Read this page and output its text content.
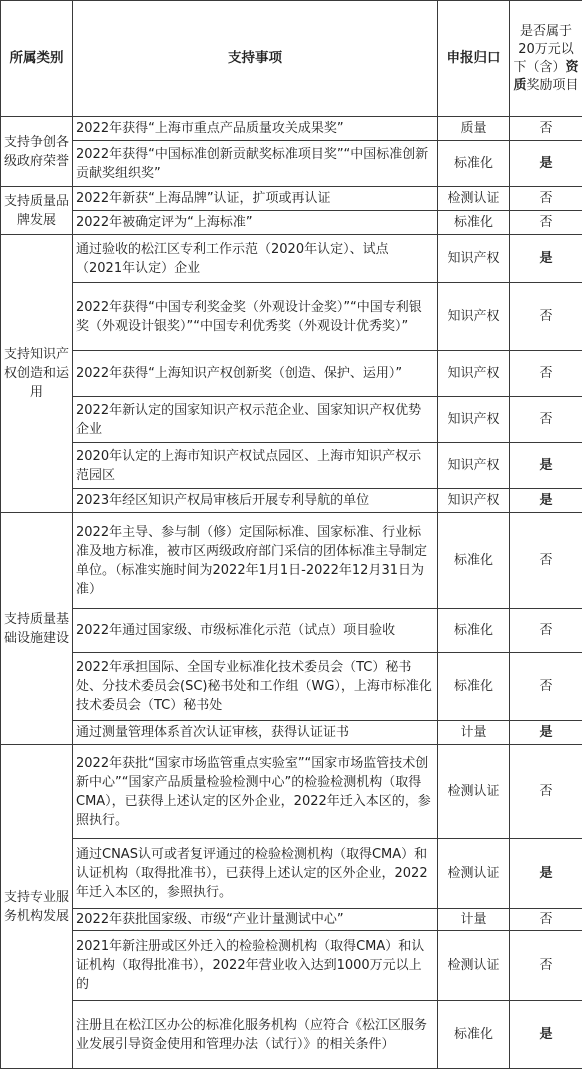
所属类别	支持事项	申报归口	是否属于20万元以下（含）资质奖励项目
支持争创各级政府荣誉	2022年获得“上海市重点产品质量攻关成果奖”	质量	否
	2022年获得“中国标准创新贡献奖标准项目奖”“中国标准创新贡献奖组织奖”	标准化	是
支持质量品牌发展	2022年新获“上海品牌”认证，扩项或再认证	检测认证	否
	2022年被确定评为“上海标准”	标准化	否
支持知识产权创造和运用	通过验收的松江区专利工作示范（2020年认定）、试点（2021年认定）企业	知识产权	是
	2022年获得“中国专利奖金奖（外观设计金奖）”“中国专利银奖（外观设计银奖）”“中国专利优秀奖（外观设计优秀奖）”	知识产权	否
	2022年获得“上海知识产权创新奖（创造、保护、运用）”	知识产权	否
	2022年新认定的国家知识产权示范企业、国家知识产权优势企业	知识产权	否
	2020年认定的上海市知识产权试点园区、上海市知识产权示范园区	知识产权	是
	2023年经区知识产权局审核后开展专利导航的单位	知识产权	是
支持质量基础设施建设	2022年主导、参与制（修）定国际标准、国家标准、行业标准及地方标准，被市区两级政府部门采信的团体标准主导制定单位。（标准实施时间为2022年1月1日-2022年12月31日为准）	标准化	否
	2022年通过国家级、市级标准化示范（试点）项目验收	标准化	否
	2022年承担国际、全国专业标准化技术委员会（TC）秘书处、分技术委员会(SC)秘书处和工作组（WG），上海市标准化技术委员会（TC）秘书处	标准化	否
	通过测量管理体系首次认证审核，获得认证证书	计量	是
支持专业服务机构发展	2022年获批“国家市场监管重点实验室”“国家市场监管技术创新中心”“国家产品质量检验检测中心”的检验检测机构（取得CMA），已获得上述认定的区外企业，2022年迁入本区的，参照执行。	检测认证	否
	通过CNAS认可或者复评通过的检验检测机构（取得CMA）和认证机构（取得批准书），已获得上述认定的区外企业，2022年迁入本区的，参照执行。	检测认证	是
	2022年获批国家级、市级“产业计量测试中心”	计量	否
	2021年新注册或区外迁入的检验检测机构（取得CMA）和认证机构（取得批准书），2022年营业收入达到1000万元以上的	检测认证	否
	注册且在松江区办公的标准化服务机构（应符合《松江区服务业发展引导资金使用和管理办法（试行）》的相关条件）	标准化	是
